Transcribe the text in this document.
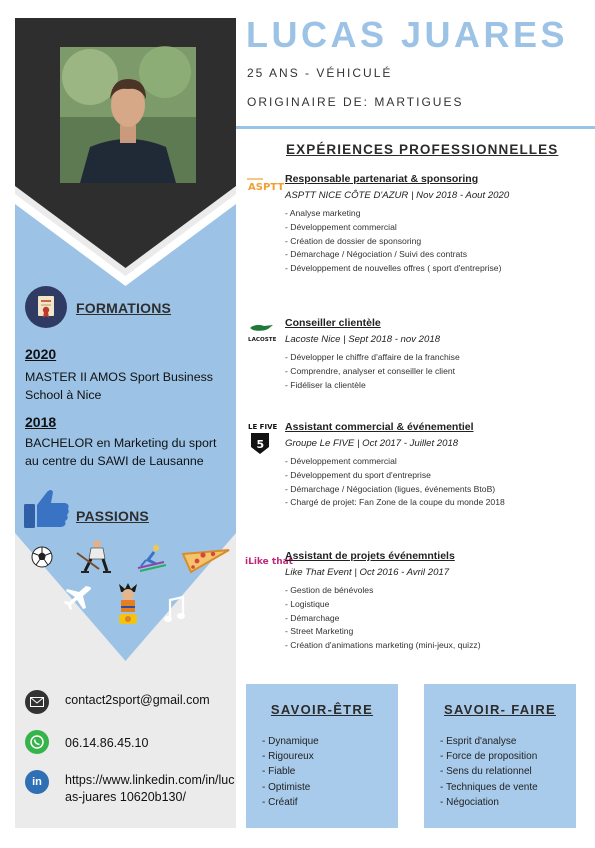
FORMATIONS
2020
MASTER II AMOS Sport Business
School à Nice
2018
BACHELOR en Marketing du sport
au centre du SAWI de Lausanne
PASSIONS
contact2sport@gmail.com
06.14.86.45.10
in https://www.linkedin.com/in/lucas-juares 10620b130/
LUCAS JUARES
25 ANS - VÉHICULÉ
ORIGINAIRE DE: MARTIGUES
EXPÉRIENCES PROFESSIONNELLES
ASPTT
Responsable partenariat & sponsoring
ASPTT NICE CÔTE D'AZUR | Nov 2018 - Aout 2020
- Analyse marketing
- Développement commercial
- Création de dossier de sponsoring
- Démarchage / Négociation / Suivi des contrats
- Développement de nouvelles offres ( sport d'entreprise)
LACOSTE
Conseiller clientèle
Lacoste Nice | Sept 2018 - nov 2018
- Développer le chiffre d'affaire de la franchise
- Comprendre, analyser et conseiller le client
- Fidéliser la clientèle
LE FIVE
5
Assistant commercial & événementiel
Groupe Le FIVE | Oct 2017 - Juillet 2018
- Développement commercial
- Développement du sport d'entreprise
- Démarchage / Négociation (ligues, événements BtoB)
- Chargé de projet: Fan Zone de la coupe du monde 2018
iLike that
Assistant de projets événemntiels
Like That Event | Oct 2016 - Avril 2017
- Gestion de bénévoles
- Logistique
- Démarchage
- Street Marketing
- Création d'animations marketing (mini-jeux, quizz)
SAVOIR-ÊTRE
- Dynamique
- Rigoureux
- Fiable
- Optimiste
- Créatif
SAVOIR- FAIRE
- Esprit d'analyse
- Force de proposition
- Sens du relationnel
- Techniques de vente
- Négociation
